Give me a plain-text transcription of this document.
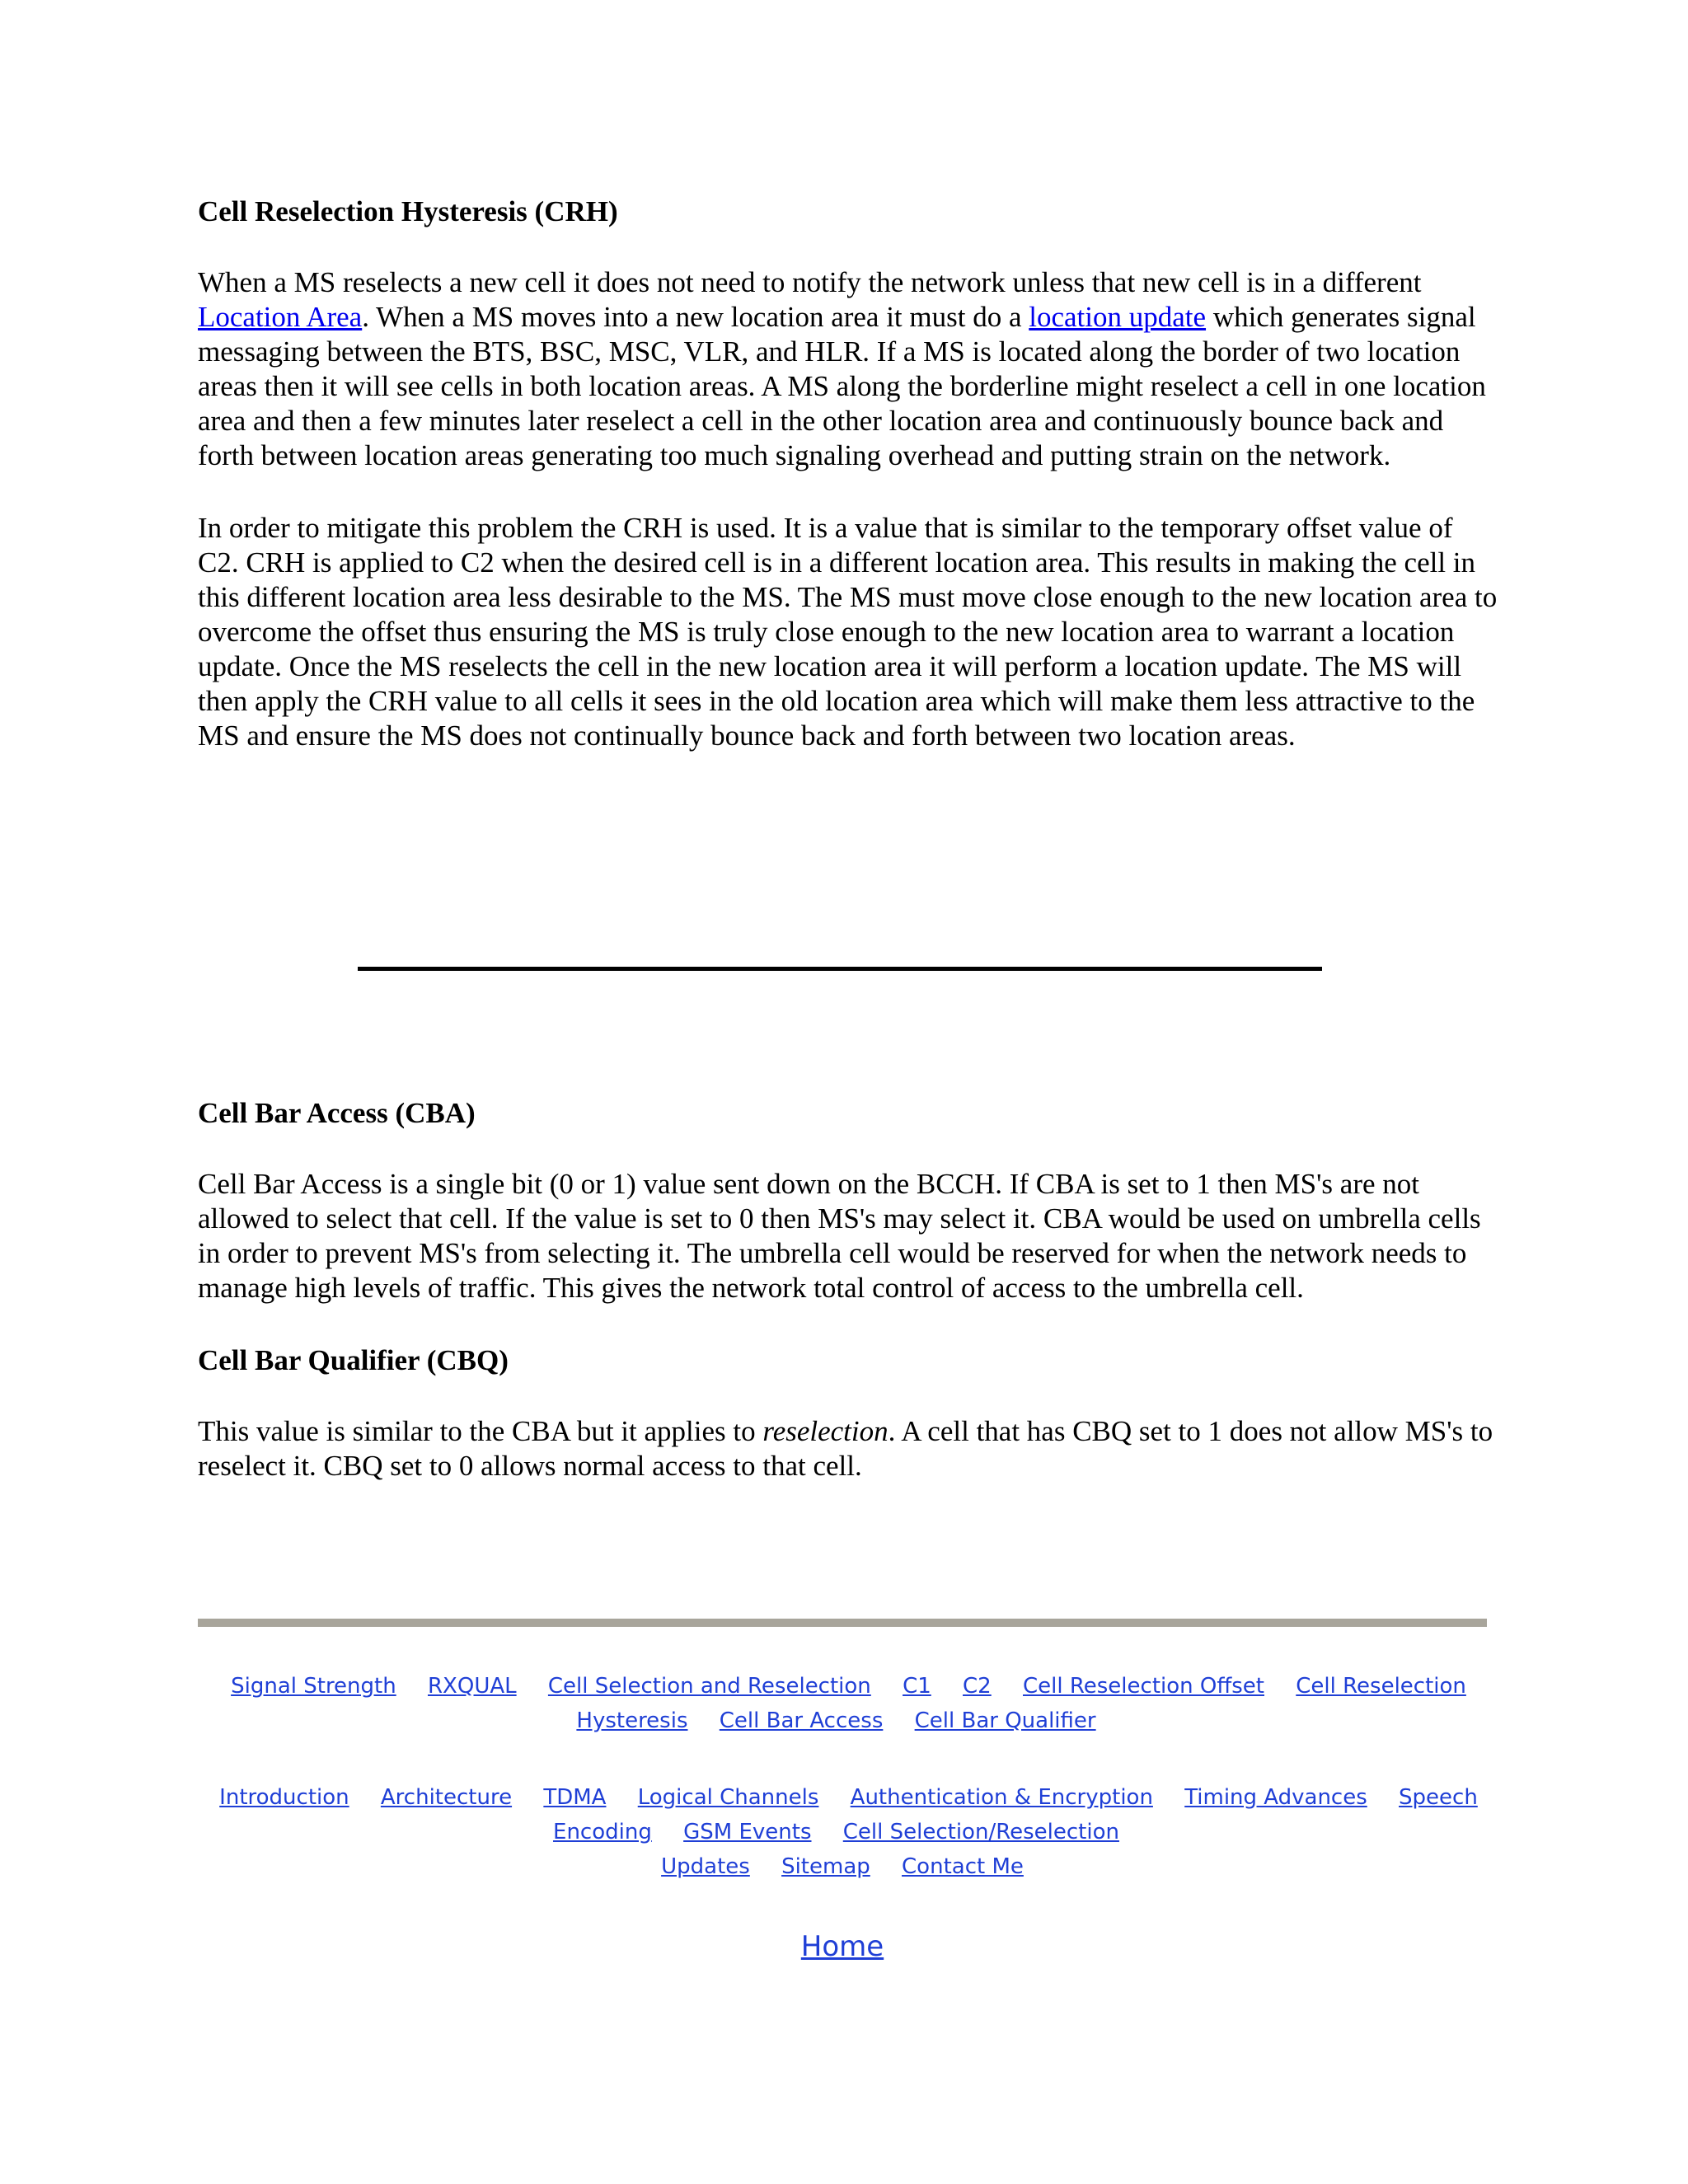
Cell Reselection Hysteresis (CRH)

When a MS reselects a new cell it does not need to notify the network unless that new cell is in a different Location Area. When a MS moves into a new location area it must do a location update which generates signal messaging between the BTS, BSC, MSC, VLR, and HLR. If a MS is located along the border of two location areas then it will see cells in both location areas. A MS along the borderline might reselect a cell in one location area and then a few minutes later reselect a cell in the other location area and continuously bounce back and forth between location areas generating too much signaling overhead and putting strain on the network.

In order to mitigate this problem the CRH is used. It is a value that is similar to the temporary offset value of C2. CRH is applied to C2 when the desired cell is in a different location area. This results in making the cell in this different location area less desirable to the MS. The MS must move close enough to the new location area to overcome the offset thus ensuring the MS is truly close enough to the new location area to warrant a location update. Once the MS reselects the cell in the new location area it will perform a location update. The MS will then apply the CRH value to all cells it sees in the old location area which will make them less attractive to the MS and ensure the MS does not continually bounce back and forth between two location areas.

Cell Bar Access (CBA)

Cell Bar Access is a single bit (0 or 1) value sent down on the BCCH. If CBA is set to 1 then MS's are not allowed to select that cell. If the value is set to 0 then MS's may select it. CBA would be used on umbrella cells in order to prevent MS's from selecting it. The umbrella cell would be reserved for when the network needs to manage high levels of traffic. This gives the network total control of access to the umbrella cell.

Cell Bar Qualifier (CBQ)

This value is similar to the CBA but it applies to reselection. A cell that has CBQ set to 1 does not allow MS's to reselect it. CBQ set to 0 allows normal access to that cell.

Signal Strength RXQUAL Cell Selection and Reselection C1 C2 Cell Reselection Offset Cell Reselection Hysteresis Cell Bar Access Cell Bar Qualifier
Introduction Architecture TDMA Logical Channels Authentication & Encryption Timing Advances Speech Encoding GSM Events Cell Selection/Reselection
Updates Sitemap Contact Me
Home
